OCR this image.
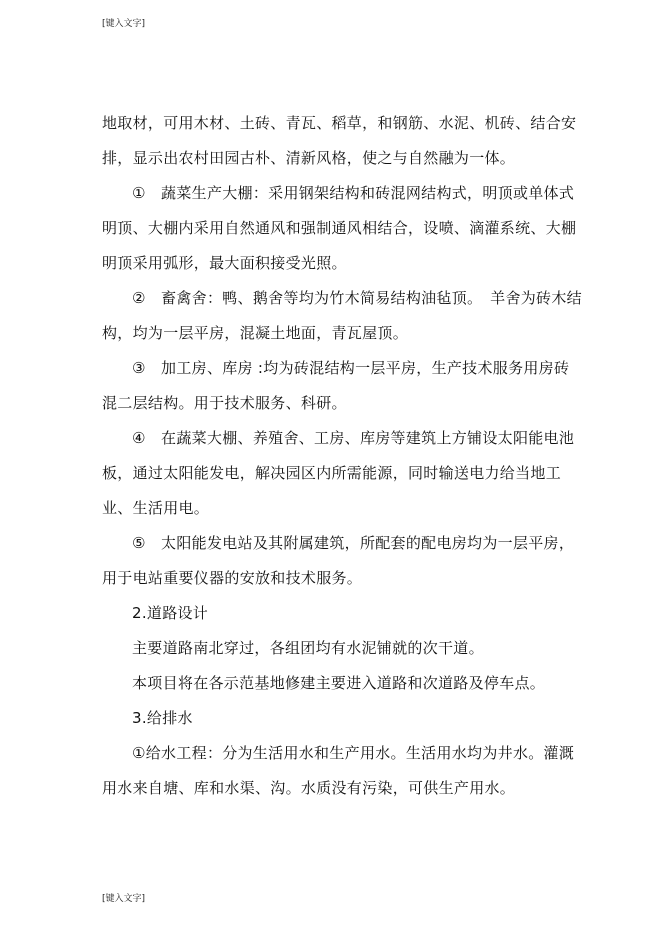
[键入文字]

地取材，可用木材、土砖、青瓦、稻草，和钢筋、水泥、机砖、结合安排，显示出农村田园古朴、清新风格，使之与自然融为一体。

①　蔬菜生产大棚：采用钢架结构和砖混网结构式，明顶或单体式明顶、大棚内采用自然通风和强制通风相结合，设喷、滴灌系统、大棚明顶采用弧形，最大面积接受光照。

②　畜禽舍：鸭、鹅舍等均为竹木简易结构油毡顶。　羊舍为砖木结构，均为一层平房，混凝土地面，青瓦屋顶。

③　加工房、库房 :均为砖混结构一层平房，生产技术服务用房砖混二层结构。用于技术服务、科研。

④　在蔬菜大棚、养殖舍、工房、库房等建筑上方铺设太阳能电池板，通过太阳能发电，解决园区内所需能源，同时输送电力给当地工业、生活用电。

⑤　太阳能发电站及其附属建筑，所配套的配电房均为一层平房，用于电站重要仪器的安放和技术服务。

2.道路设计

主要道路南北穿过，各组团均有水泥铺就的次干道。

本项目将在各示范基地修建主要进入道路和次道路及停车点。

3.给排水

①给水工程：分为生活用水和生产用水。生活用水均为井水。灌溉用水来自塘、库和水渠、沟。水质没有污染，可供生产用水。

[键入文字]
